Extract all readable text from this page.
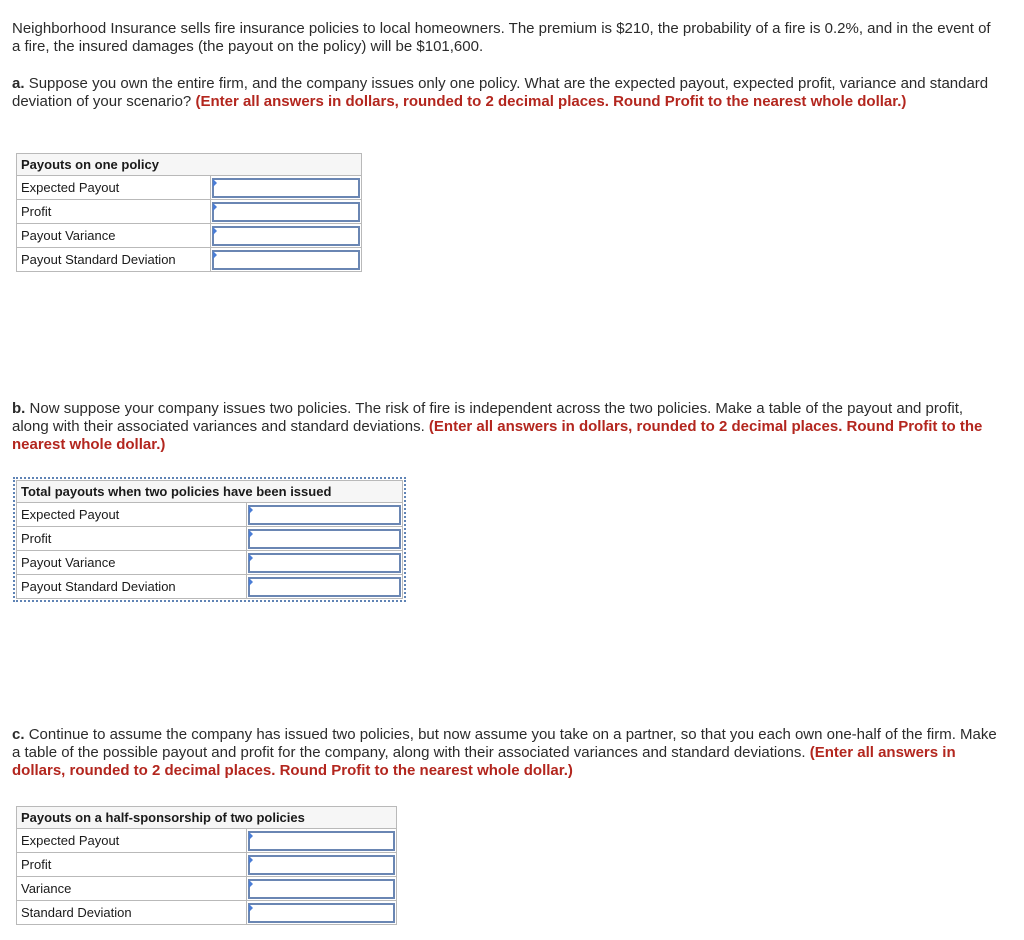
Neighborhood Insurance sells fire insurance policies to local homeowners. The premium is $210, the probability of a fire is 0.2%, and in the event of a fire, the insured damages (the payout on the policy) will be $101,600.

a. Suppose you own the entire firm, and the company issues only one policy. What are the expected payout, expected profit, variance and standard deviation of your scenario? (Enter all answers in dollars, rounded to 2 decimal places. Round Profit to the nearest whole dollar.)

Payouts on one policy	
Expected Payout	

Profit	

Payout Variance	

Payout Standard Deviation	

b. Now suppose your company issues two policies. The risk of fire is independent across the two policies. Make a table of the payout and profit, along with their associated variances and standard deviations. (Enter all answers in dollars, rounded to 2 decimal places. Round Profit to the nearest whole dollar.)

Total payouts when two policies have been issued	
Expected Payout	

Profit	

Payout Variance	

Payout Standard Deviation	

c. Continue to assume the company has issued two policies, but now assume you take on a partner, so that you each own one-half of the firm. Make a table of the possible payout and profit for the company, along with their associated variances and standard deviations. (Enter all answers in dollars, rounded to 2 decimal places. Round Profit to the nearest whole dollar.)

Payouts on a half-sponsorship of two policies	
Expected Payout	

Profit	

Variance	

Standard Deviation	
